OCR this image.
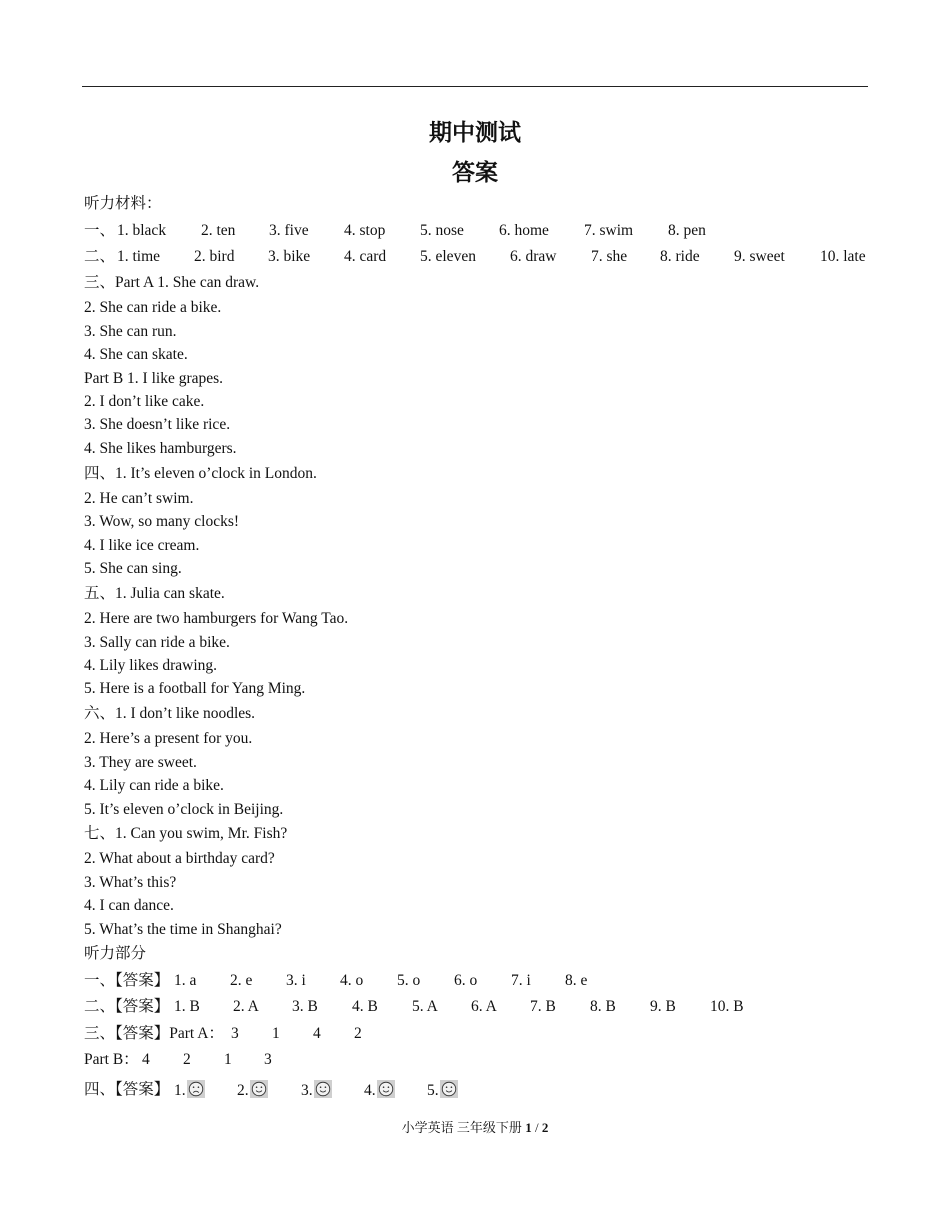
期中测试
答案
听力材料：
一、 1. black 2. ten 3. five 4. stop 5. nose 6. home 7. swim 8. pen
二、 1. time 2. bird 3. bike 4. card 5. eleven 6. draw 7. she 8. ride 9. sweet 10. late
三、Part A 1. She can draw.
2. She can ride a bike.
3. She can run.
4. She can skate.
Part B 1. I like grapes.
2. I don’t like cake.
3. She doesn’t like rice.
4. She likes hamburgers.
四、1. It’s eleven o’clock in London.
2. He can’t swim.
3. Wow, so many clocks!
4. I like ice cream.
5. She can sing.
五、1. Julia can skate.
2. Here are two hamburgers for Wang Tao.
3. Sally can ride a bike.
4. Lily likes drawing.
5. Here is a football for Yang Ming.
六、1. I don’t like noodles.
2. Here’s a present for you.
3. They are sweet.
4. Lily can ride a bike.
5. It’s eleven o’clock in Beijing.
七、1. Can you swim, Mr. Fish?
2. What about a birthday card?
3. What’s this?
4. I can dance.
5. What’s the time in Shanghai?
听力部分
一、【答案】 1. a 2. e 3. i 4. o 5. o 6. o 7. i 8. e
二、【答案】 1. B 2. A 3. B 4. B 5. A 6. A 7. B 8. B 9. B 10. B
三、【答案】Part A： 3 1 4 2
Part B： 4 2 1 3
四、【答案】 1.	2.	3.	4.	5.
小学英语 三年级下册 1 / 2
